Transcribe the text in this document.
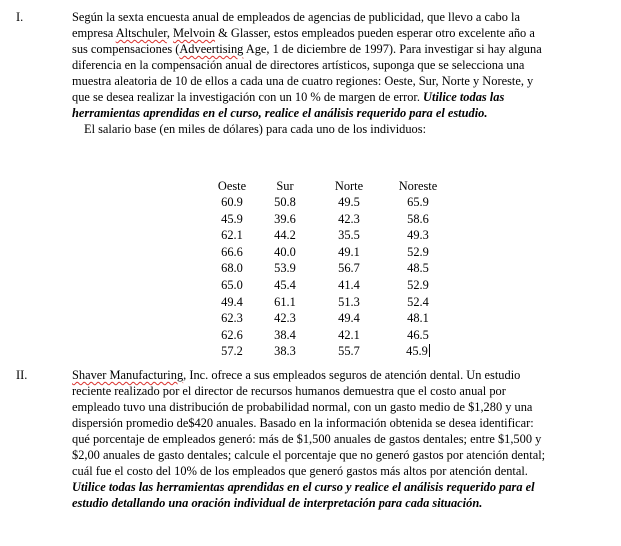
I.	Según la sexta encuesta anual de empleados de agencias de publicidad, que llevo a cabo la empresa Altschuler, Melvoin & Glasser, estos empleados pueden esperar otro excelente año a sus compensaciones (Adveertising Age, 1 de diciembre de 1997). Para investigar si hay alguna diferencia en la compensación anual de directores artísticos, suponga que se selecciona una muestra aleatoria de 10 de ellos a cada una de cuatro regiones: Oeste, Sur, Norte y Noreste, y que se desea realizar la investigación con un 10 % de margen de error. Utilice todas las herramientas aprendidas en el curso, realice el análisis requerido para el estudio.

El salario base (en miles de dólares) para cada uno de los individuos:

Oeste	Sur	Norte	Noreste
60.9	50.8	49.5	65.9
45.9	39.6	42.3	58.6
62.1	44.2	35.5	49.3
66.6	40.0	49.1	52.9
68.0	53.9	56.7	48.5
65.0	45.4	41.4	52.9
49.4	61.1	51.3	52.4
62.3	42.3	49.4	48.1
62.6	38.4	42.1	46.5
57.2	38.3	55.7	45.9
II.	Shaver Manufacturing, Inc. ofrece a sus empleados seguros de atención dental. Un estudio reciente realizado por el director de recursos humanos demuestra que el costo anual por empleado tuvo una distribución de probabilidad normal, con un gasto medio de $1,280 y una dispersión promedio de$420 anuales. Basado en la información obtenida se desea identificar: qué porcentaje de empleados generó: más de $1,500 anuales de gastos dentales; entre $1,500 y $2,00 anuales de gasto dentales; calcule el porcentaje que no generó gastos por atención dental; cuál fue el costo del 10% de los empleados que generó gastos más altos por atención dental. Utilice todas las herramientas aprendidas en el curso y realice el análisis requerido para el estudio detallando una oración individual de interpretación para cada situación.
